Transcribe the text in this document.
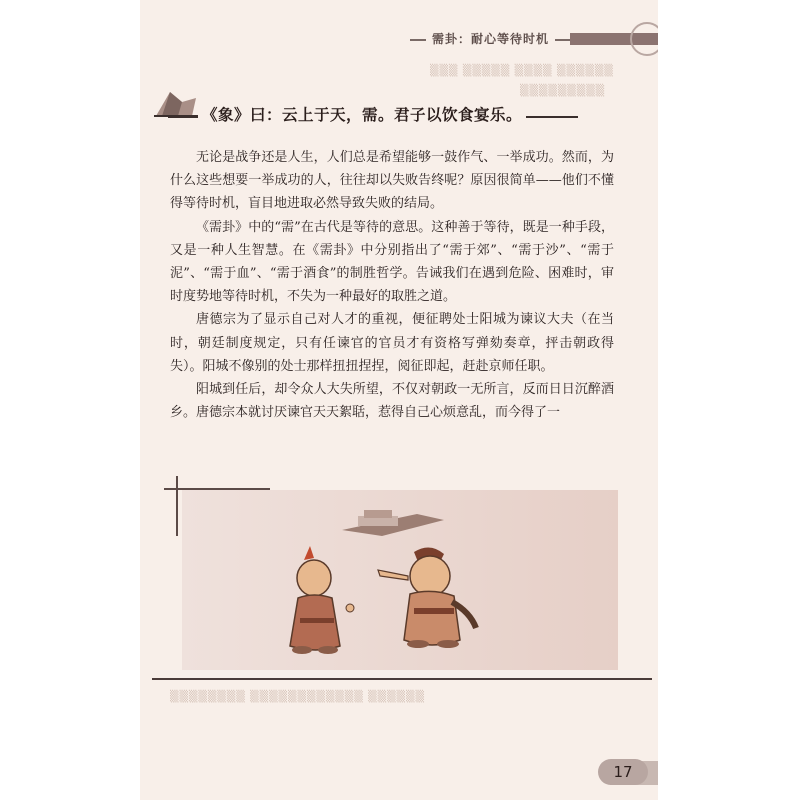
▒▒▒ ▒▒▒▒▒ ▒▒▒▒ ▒▒▒▒▒▒
▒▒▒▒▒▒▒▒▒
需卦：耐心等待时机
《象》曰：云上于天，需。君子以饮食宴乐。

无论是战争还是人生，人们总是希望能够一鼓作气、一举成功。然而，为什么这些想要一举成功的人，往往却以失败告终呢？原因很简单——他们不懂得等待时机，盲目地进取必然导致失败的结局。

《需卦》中的“需”在古代是等待的意思。这种善于等待，既是一种手段，又是一种人生智慧。在《需卦》中分别指出了“需于郊”、“需于沙”、“需于泥”、“需于血”、“需于酒食”的制胜哲学。告诫我们在遇到危险、困难时，审时度势地等待时机，不失为一种最好的取胜之道。

唐德宗为了显示自己对人才的重视，便征聘处士阳城为谏议大夫（在当时，朝廷制度规定，只有任谏官的官员才有资格写弹劾奏章，抨击朝政得失）。阳城不像别的处士那样扭扭捏捏，阅征即起，赶赴京师任职。

阳城到任后，却令众人大失所望，不仅对朝政一无所言，反而日日沉醉酒乡。唐德宗本就讨厌谏官天天絮聒，惹得自己心烦意乱，而今得了一

▒▒▒▒▒▒▒▒ ▒▒▒▒▒▒▒▒▒▒▒▒ ▒▒▒▒▒▒
17
